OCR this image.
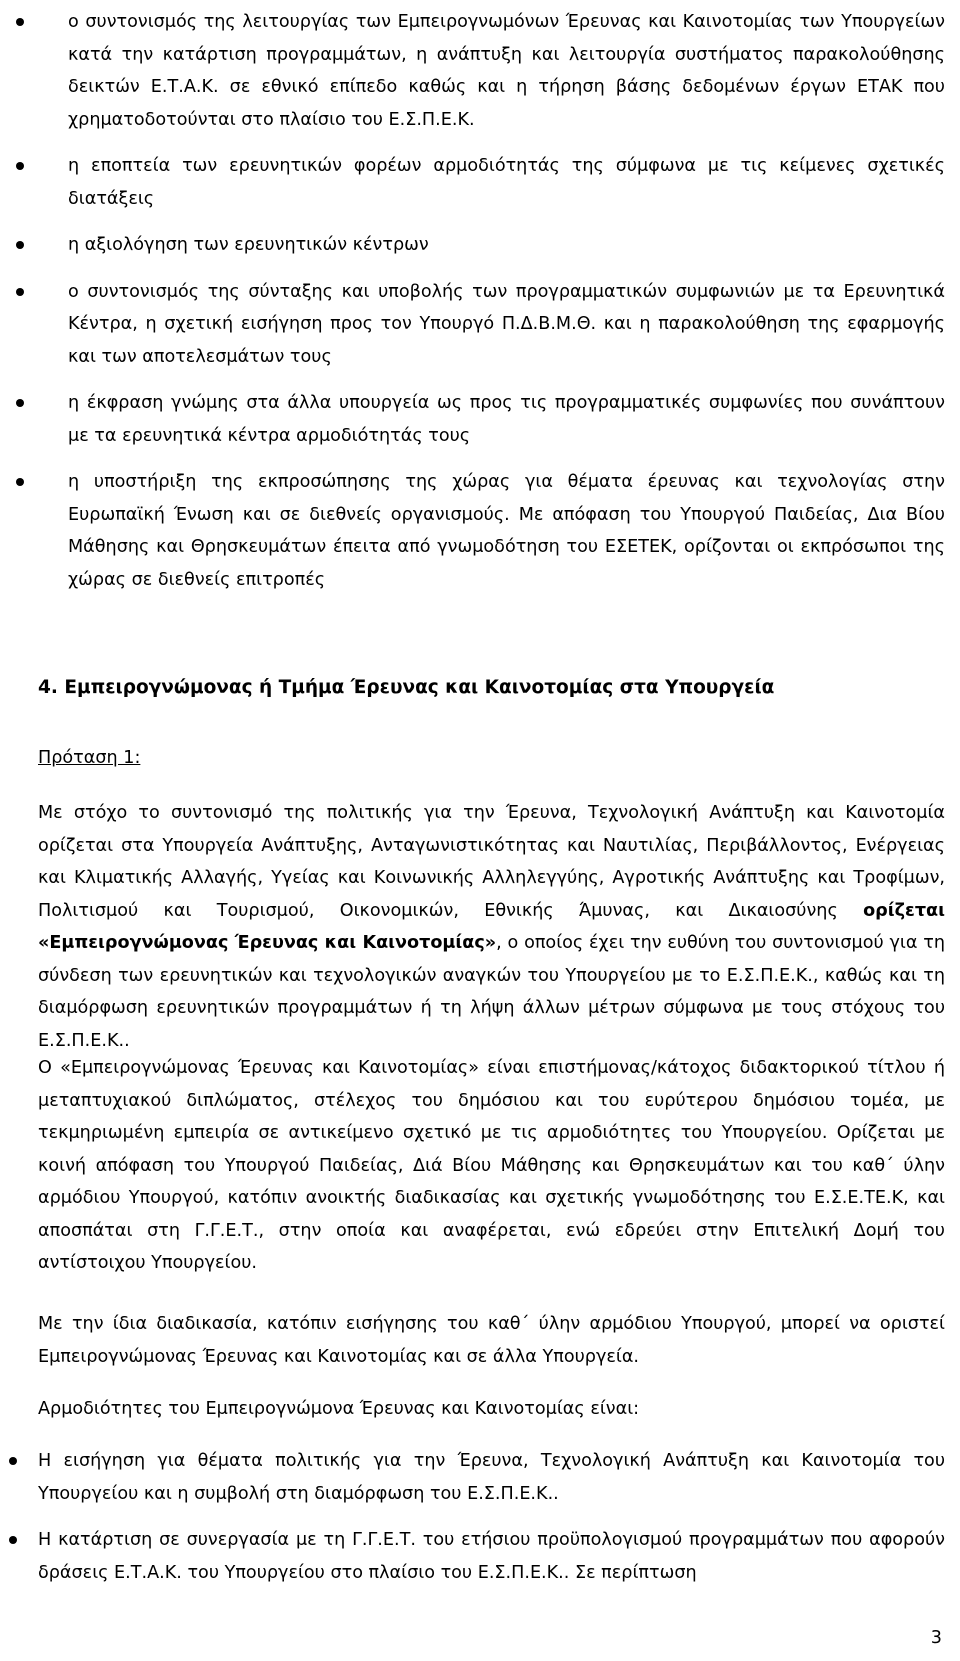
ο συντονισμός της λειτουργίας των Εμπειρογνωμόνων Έρευνας και Καινοτομίας των Υπουργείων κατά την κατάρτιση προγραμμάτων, η ανάπτυξη και λειτουργία συστήματος παρακολούθησης δεικτών Ε.Τ.Α.Κ. σε εθνικό επίπεδο καθώς και η τήρηση βάσης δεδομένων έργων ΕΤΑΚ που χρηματοδοτούνται στο πλαίσιο του Ε.Σ.Π.Ε.Κ.
η εποπτεία των ερευνητικών φορέων αρμοδιότητάς της σύμφωνα με τις κείμενες σχετικές διατάξεις
η αξιολόγηση των ερευνητικών κέντρων
ο συντονισμός της σύνταξης και υποβολής των προγραμματικών συμφωνιών με τα Ερευνητικά Κέντρα, η σχετική εισήγηση προς τον Υπουργό Π.Δ.Β.Μ.Θ. και η παρακολούθηση της εφαρμογής και των αποτελεσμάτων τους
η έκφραση γνώμης στα άλλα υπουργεία ως προς τις προγραμματικές συμφωνίες που συνάπτουν με τα ερευνητικά κέντρα αρμοδιότητάς τους
η υποστήριξη της εκπροσώπησης της χώρας για θέματα έρευνας και τεχνολογίας στην Ευρωπαϊκή Ένωση και σε διεθνείς οργανισμούς. Με απόφαση του Υπουργού Παιδείας, Δια Βίου Μάθησης και Θρησκευμάτων έπειτα από γνωμοδότηση του ΕΣΕΤΕΚ, ορίζονται οι εκπρόσωποι της χώρας σε διεθνείς επιτροπές
4. Εμπειρογνώμονας ή Τμήμα Έρευνας και Καινοτομίας στα Υπουργεία
Πρόταση 1:
Με στόχο το συντονισμό της πολιτικής για την Έρευνα, Τεχνολογική Ανάπτυξη και Καινοτομία ορίζεται στα Υπουργεία Ανάπτυξης, Ανταγωνιστικότητας και Ναυτιλίας, Περιβάλλοντος, Ενέργειας και Κλιματικής Αλλαγής, Υγείας και Κοινωνικής Αλληλεγγύης, Αγροτικής Ανάπτυξης και Τροφίμων, Πολιτισμού και Τουρισμού, Οικονομικών, Εθνικής Άμυνας, και Δικαιοσύνης ορίζεται «Εμπειρογνώμονας Έρευνας και Καινοτομίας», ο οποίος έχει την ευθύνη του συντονισμού για τη σύνδεση των ερευνητικών και τεχνολογικών αναγκών του Υπουργείου με το Ε.Σ.Π.Ε.Κ., καθώς και τη διαμόρφωση ερευνητικών προγραμμάτων ή τη λήψη άλλων μέτρων σύμφωνα με τους στόχους του Ε.Σ.Π.Ε.Κ..
Ο «Εμπειρογνώμονας Έρευνας και Καινοτομίας» είναι επιστήμονας/κάτοχος διδακτορικού τίτλου ή μεταπτυχιακού διπλώματος, στέλεχος του δημόσιου και του ευρύτερου δημόσιου τομέα, με τεκμηριωμένη εμπειρία σε αντικείμενο σχετικό με τις αρμοδιότητες του Υπουργείου. Ορίζεται με κοινή απόφαση του Υπουργού Παιδείας, Διά Βίου Μάθησης και Θρησκευμάτων και του καθ΄ ύλην αρμόδιου Υπουργού, κατόπιν ανοικτής διαδικασίας και σχετικής γνωμοδότησης του Ε.Σ.Ε.ΤΕ.Κ, και αποσπάται στη Γ.Γ.Ε.Τ., στην οποία και αναφέρεται, ενώ εδρεύει στην Επιτελική Δομή του αντίστοιχου Υπουργείου.
Με την ίδια διαδικασία, κατόπιν εισήγησης του καθ΄ ύλην αρμόδιου Υπουργού, μπορεί να οριστεί Εμπειρογνώμονας Έρευνας και Καινοτομίας και σε άλλα Υπουργεία.
Αρμοδιότητες του Εμπειρογνώμονα Έρευνας και Καινοτομίας είναι:
Η εισήγηση για θέματα πολιτικής για την Έρευνα, Τεχνολογική Ανάπτυξη και Καινοτομία του Υπουργείου και η συμβολή στη διαμόρφωση του Ε.Σ.Π.Ε.Κ..
Η κατάρτιση σε συνεργασία με τη Γ.Γ.Ε.Τ. του ετήσιου προϋπολογισμού προγραμμάτων που αφορούν δράσεις Ε.Τ.Α.Κ. του Υπουργείου στο πλαίσιο του Ε.Σ.Π.Ε.Κ.. Σε περίπτωση
3
